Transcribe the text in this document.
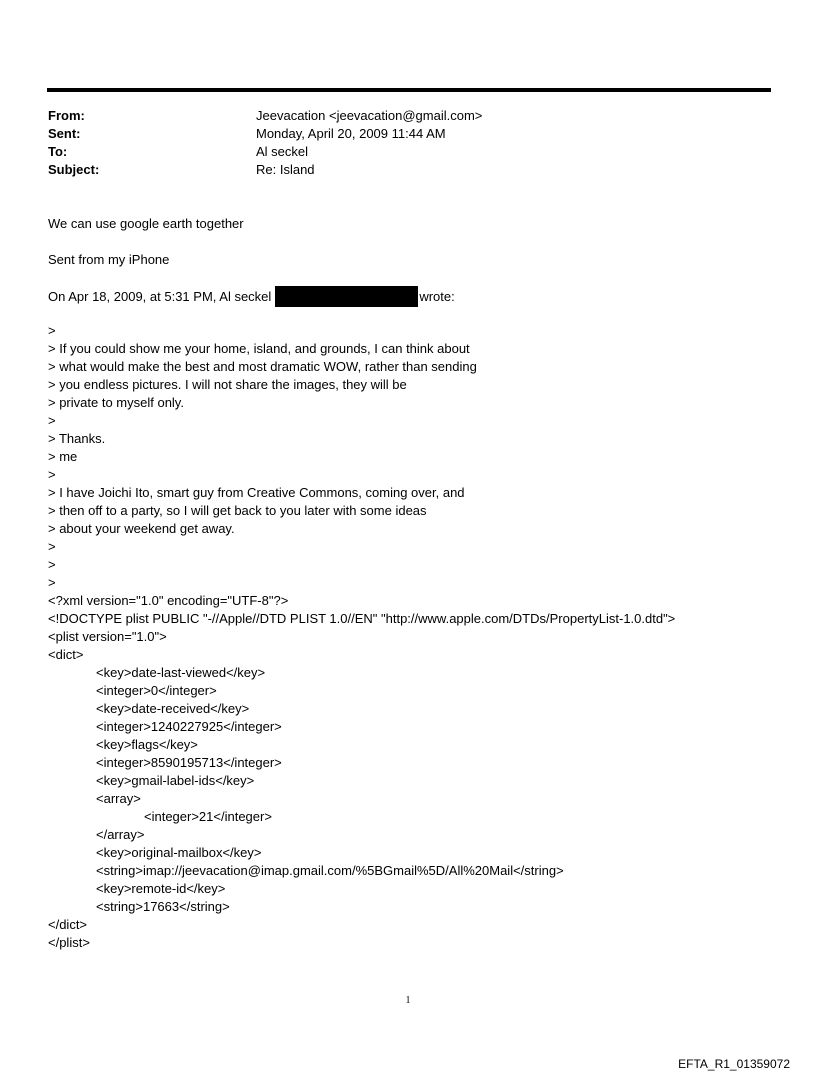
From:	Jeevacation <jeevacation@gmail.com>
Sent:	Monday, April 20, 2009 11:44 AM
To:	Al seckel
Subject:	Re: Island
We can use google earth together
Sent from my iPhone
On Apr 18, 2009, at 5:31 PM, Al seckel	wrote:
>
> If you could show me your home, island, and grounds, I can think about
> what would make the best and most dramatic WOW, rather than sending
> you endless pictures. I will not share the images, they will be
> private to myself only.
>
> Thanks.
> me
>
> I have Joichi Ito, smart guy from Creative Commons, coming over, and
> then off to a party, so I will get back to you later with some ideas
> about your weekend get away.
>
>
>
<?xml version="1.0" encoding="UTF-8"?>
<!DOCTYPE plist PUBLIC "-//Apple//DTD PLIST 1.0//EN" "http://www.apple.com/DTDs/PropertyList-1.0.dtd">
<plist version="1.0">
<dict>
<key>date-last-viewed</key>
<integer>0</integer>
<key>date-received</key>
<integer>1240227925</integer>
<key>flags</key>
<integer>8590195713</integer>
<key>gmail-label-ids</key>
<array>
<integer>21</integer>
</array>
<key>original-mailbox</key>
<string>imap://jeevacation@imap.gmail.com/%5BGmail%5D/All%20Mail</string>
<key>remote-id</key>
<string>17663</string>
</dict>
</plist>
1
EFTA_R1_01359072
